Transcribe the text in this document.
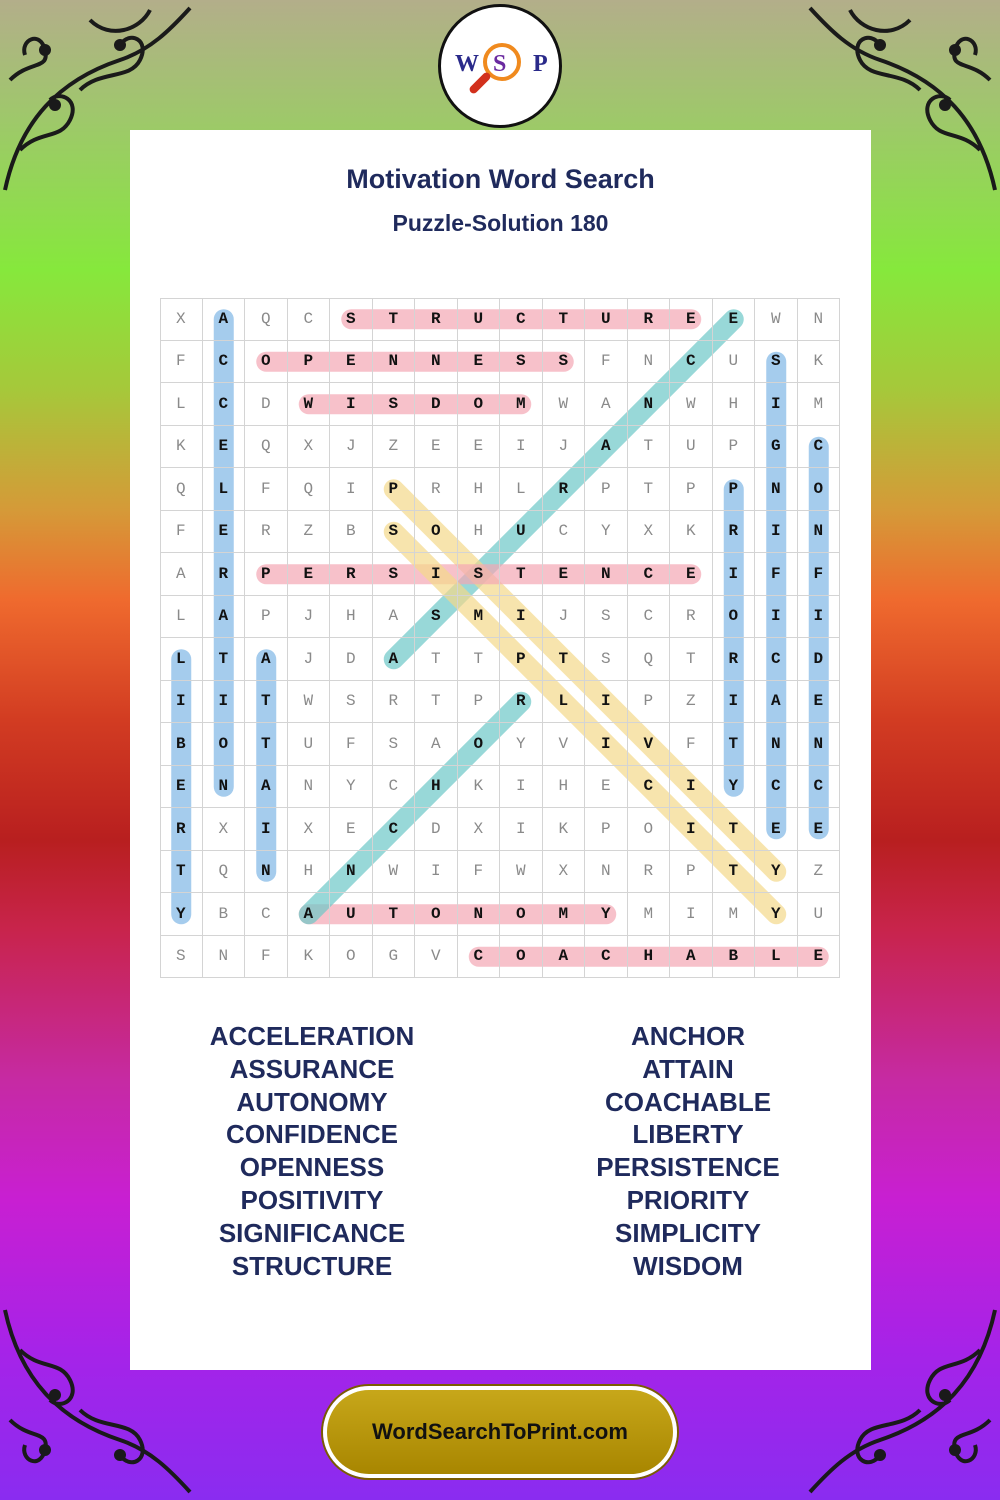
W S P
Motivation Word Search
Puzzle-Solution 180
X	A	Q	C	S	T	R	U	C	T	U	R	E	E	W	N
F	C	O	P	E	N	N	E	S	S	F	N	C	U	S	K
L	C	D	W	I	S	D	O	M	W	A	N	W	H	I	M
K	E	Q	X	J	Z	E	E	I	J	A	T	U	P	G	C
Q	L	F	Q	I	P	R	H	L	R	P	T	P	P	N	O
F	E	R	Z	B	S	O	H	U	C	Y	X	K	R	I	N
A	R	P	E	R	S	I	S	T	E	N	C	E	I	F	F
L	A	P	J	H	A	S	M	I	J	S	C	R	O	I	I
L	T	A	J	D	A	T	T	P	T	S	Q	T	R	C	D
I	I	T	W	S	R	T	P	R	L	I	P	Z	I	A	E
B	O	T	U	F	S	A	O	Y	V	I	V	F	T	N	N
E	N	A	N	Y	C	H	K	I	H	E	C	I	Y	C	C
R	X	I	X	E	C	D	X	I	K	P	O	I	T	E	E
T	Q	N	H	N	W	I	F	W	X	N	R	P	T	Y	Z
Y	B	C	A	U	T	O	N	O	M	Y	M	I	M	Y	U
S	N	F	K	O	G	V	C	O	A	C	H	A	B	L	E
ACCELERATION
ASSURANCE
AUTONOMY
CONFIDENCE
OPENNESS
POSITIVITY
SIGNIFICANCE
STRUCTURE
ANCHOR
ATTAIN
COACHABLE
LIBERTY
PERSISTENCE
PRIORITY
SIMPLICITY
WISDOM
WordSearchToPrint.com
